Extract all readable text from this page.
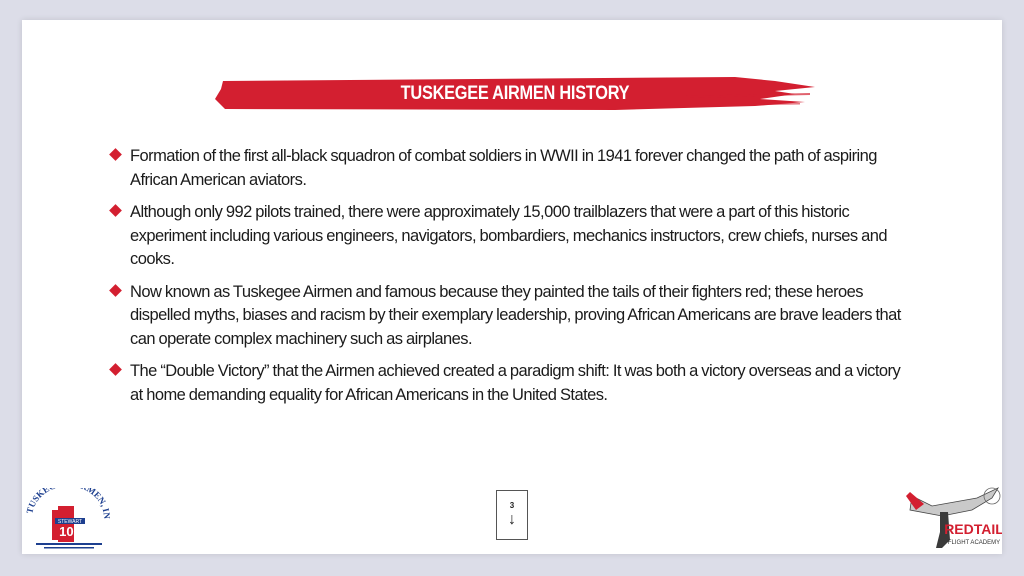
TUSKEGEE AIRMEN HISTORY
Formation of the first all-black squadron of combat soldiers in WWII in 1941 forever changed the path of aspiring African American aviators.
Although only 992 pilots trained, there were approximately 15,000 trailblazers that were a part of this historic experiment including various engineers, navigators, bombardiers, mechanics instructors, crew chiefs, nurses and cooks.
Now known as Tuskegee Airmen and famous because they painted the tails of their fighters red; these heroes dispelled myths, biases and racism by their exemplary leadership, proving African Americans are brave leaders that can operate complex machinery such as airplanes.
The “Double Victory” that the Airmen achieved created a paradigm shift: It was both a victory overseas and a victory at home demanding equality for African Americans in the United States.
3
↓
TUSKE MEN, IN
STEWART
105	REDTAIL
FLIGHT ACADEMY
